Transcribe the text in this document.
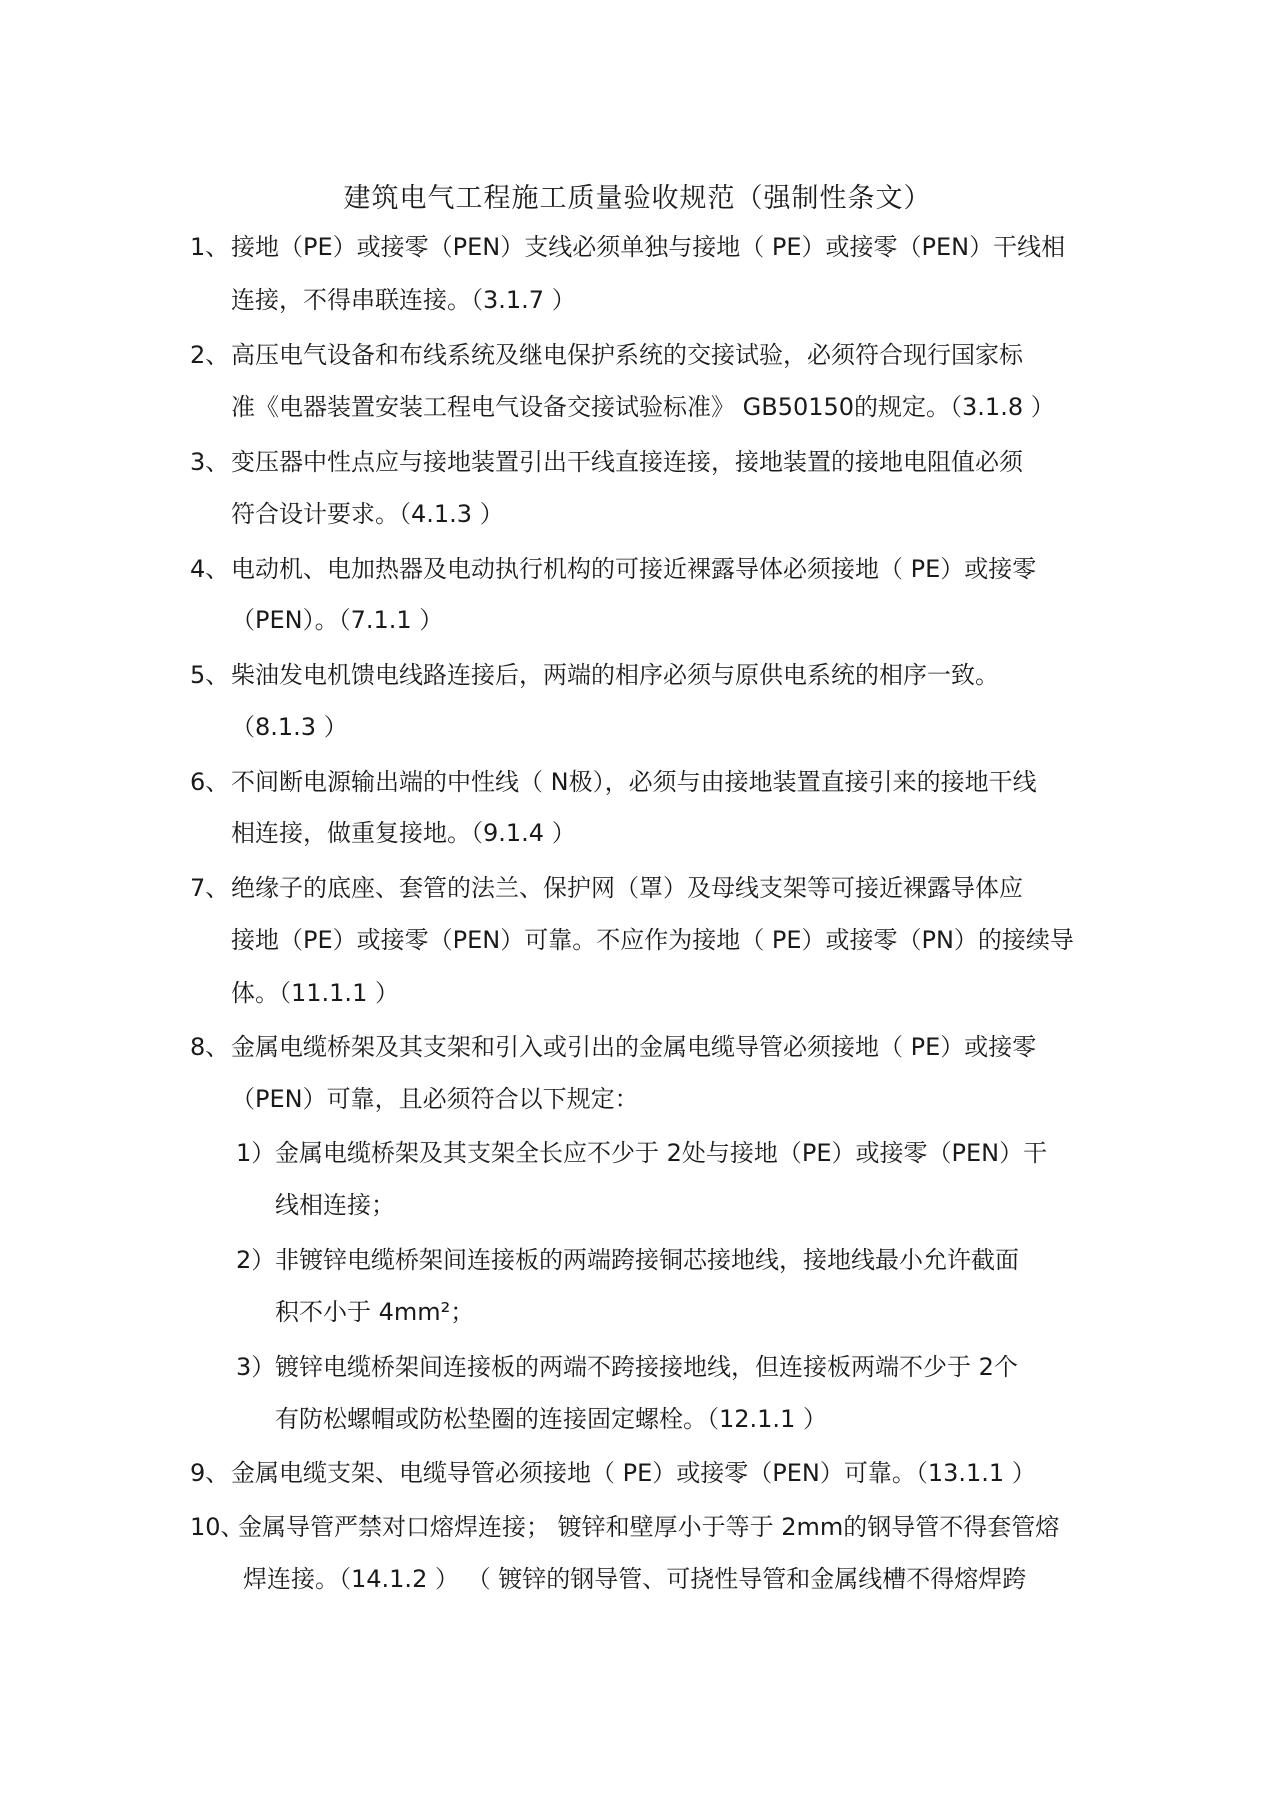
建筑电气工程施工质量验收规范（强制性条文）
1、 接地（PE）或接零（PEN）支线必须单独与接地（ PE）或接零（PEN）干线相
连接，不得串联连接。（3.1.7 ）
2、 高压电气设备和布线系统及继电保护系统的交接试验，必须符合现行国家标
准《电器装置安装工程电气设备交接试验标准》 GB50150的规定。（3.1.8 ）
3、 变压器中性点应与接地装置引出干线直接连接，接地装置的接地电阻值必须
符合设计要求。（4.1.3 ）
4、 电动机、电加热器及电动执行机构的可接近裸露导体必须接地（ PE）或接零
（PEN）。（7.1.1 ）
5、 柴油发电机馈电线路连接后，两端的相序必须与原供电系统的相序一致。
（8.1.3 ）
6、 不间断电源输出端的中性线（ N极），必须与由接地装置直接引来的接地干线
相连接，做重复接地。（9.1.4 ）
7、 绝缘子的底座、套管的法兰、保护网（罩）及母线支架等可接近裸露导体应
接地（PE）或接零（PEN）可靠。不应作为接地（ PE）或接零（PN）的接续导
体。（11.1.1 ）
8、 金属电缆桥架及其支架和引入或引出的金属电缆导管必须接地（ PE）或接零
（PEN）可靠，且必须符合以下规定：
1） 金属电缆桥架及其支架全长应不少于 2处与接地（PE）或接零（PEN）干
线相连接；
2） 非镀锌电缆桥架间连接板的两端跨接铜芯接地线，接地线最小允许截面
积不小于 4mm²；
3） 镀锌电缆桥架间连接板的两端不跨接接地线，但连接板两端不少于 2个
有防松螺帽或防松垫圈的连接固定螺栓。（12.1.1 ）
9、 金属电缆支架、电缆导管必须接地（ PE）或接零（PEN）可靠。（13.1.1 ）
10、
金属导管严禁对口熔焊连接； 镀锌和壁厚小于等于 2mm的钢导管不得套管熔
焊连接。（14.1.2 ） （ 镀锌的钢导管、可挠性导管和金属线槽不得熔焊跨
